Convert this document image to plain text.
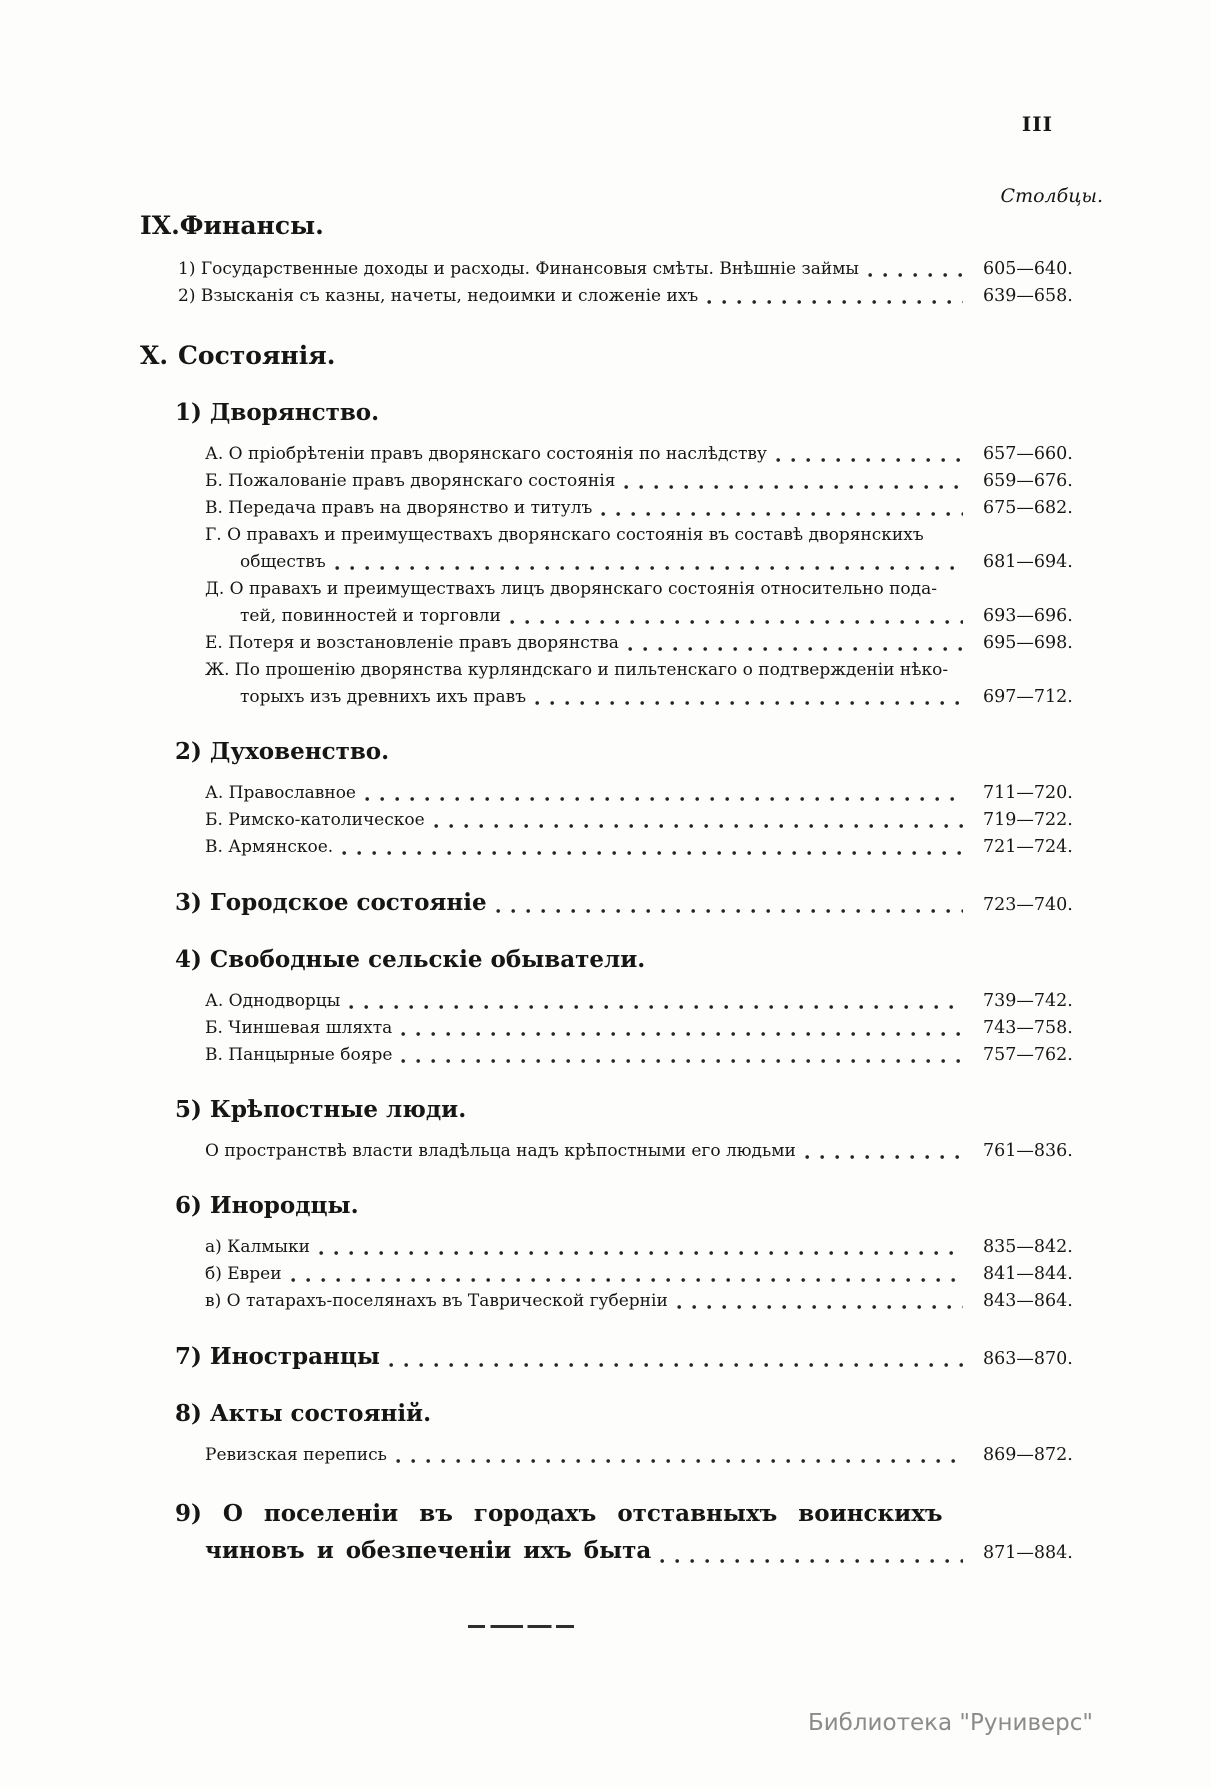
III
Столбцы.
IX. Финансы.
1) Государственные доходы и расходы. Финансовыя смѣты. Внѣшніе займы	605—640.
2) Взысканія съ казны, начеты, недоимки и сложеніе ихъ	639—658.
X. Состоянія.
1) Дворянство.
А. О пріобрѣтеніи правъ дворянскаго состоянія по наслѣдству	657—660.
Б. Пожалованіе правъ дворянскаго состоянія	659—676.
В. Передача правъ на дворянство и титулъ	675—682.
Г. О правахъ и преимуществахъ дворянскаго состоянія въ составѣ дворянскихъ
обществъ	681—694.
Д. О правахъ и преимуществахъ лицъ дворянскаго состоянія относительно пода-
тей, повинностей и торговли	693—696.
Е. Потеря и возстановленіе правъ дворянства	695—698.
Ж. По прошенію дворянства курляндскаго и пильтенскаго о подтвержденіи нѣко-
торыхъ изъ древнихъ ихъ правъ	697—712.
2) Духовенство.
А. Православное	711—720.
Б. Римско-католическое	719—722.
В. Армянское.	721—724.
3) Городское состояніе	723—740.
4) Свободные сельскіе обыватели.
А. Однодворцы	739—742.
Б. Чиншевая шляхта	743—758.
В. Панцырные бояре	757—762.
5) Крѣпостные люди.
О пространствѣ власти владѣльца надъ крѣпостными его людьми	761—836.
6) Инородцы.
а) Калмыки	835—842.
б) Евреи	841—844.
в) О татарахъ-поселянахъ въ Таврической губерніи	843—864.
7) Иностранцы	863—870.
8) Акты состояній.
Ревизская перепись	869—872.
9) О поселеніи въ городахъ отставныхъ воинскихъ
чиновъ и обезпеченіи ихъ быта	871—884.
Библиотека "Руниверс"
